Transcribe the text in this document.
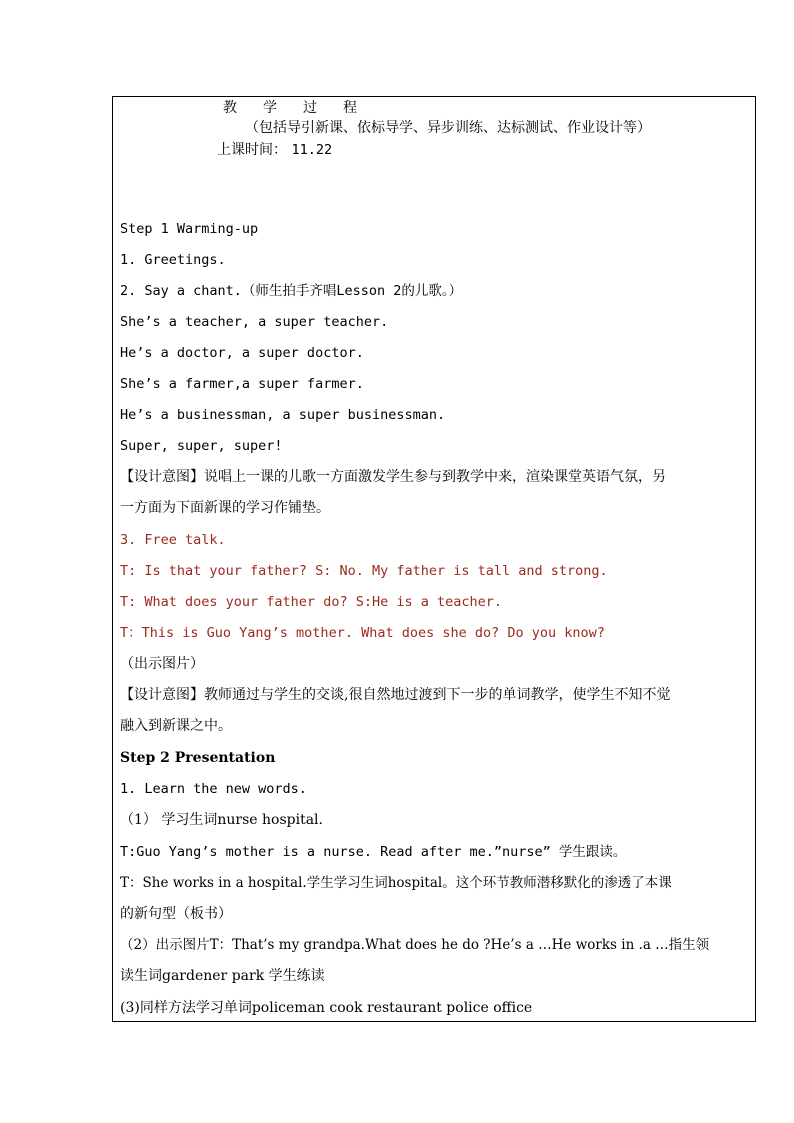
教 学 过 程
（包括导引新课、依标导学、异步训练、达标测试、作业设计等）
上课时间： 11.22
Step 1 Warming-up
1. Greetings.
2. Say a chant.（师生拍手齐唱Lesson 2的儿歌。）
She’s a teacher, a super teacher.
He’s a doctor, a super doctor.
She’s a farmer,a super farmer.
He’s a businessman, a super businessman.
Super, super, super!
【设计意图】说唱上一课的儿歌一方面激发学生参与到教学中来，渲染课堂英语气氛，另
一方面为下面新课的学习作铺垫。
3. Free talk.
T: Is that your father? S: No. My father is tall and strong.
T: What does your father do? S:He is a teacher.
T：This is Guo Yang’s mother. What does she do? Do you know?
（出示图片）
【设计意图】教师通过与学生的交谈,很自然地过渡到下一步的单词教学，使学生不知不觉
融入到新课之中。
Step 2 Presentation
1. Learn the new words.
（1） 学习生词nurse hospital.
T:Guo Yang’s mother is a nurse. Read after me.”nurse” 学生跟读。
T：She works in a hospital.学生学习生词hospital。这个环节教师潜移默化的渗透了本课
的新句型（板书）
（2）出示图片T：That’s my grandpa.What does he do ?He’s a …He works in .a …指生领
读生词gardener park 学生练读
(3)同样方法学习单词policeman cook restaurant police office
